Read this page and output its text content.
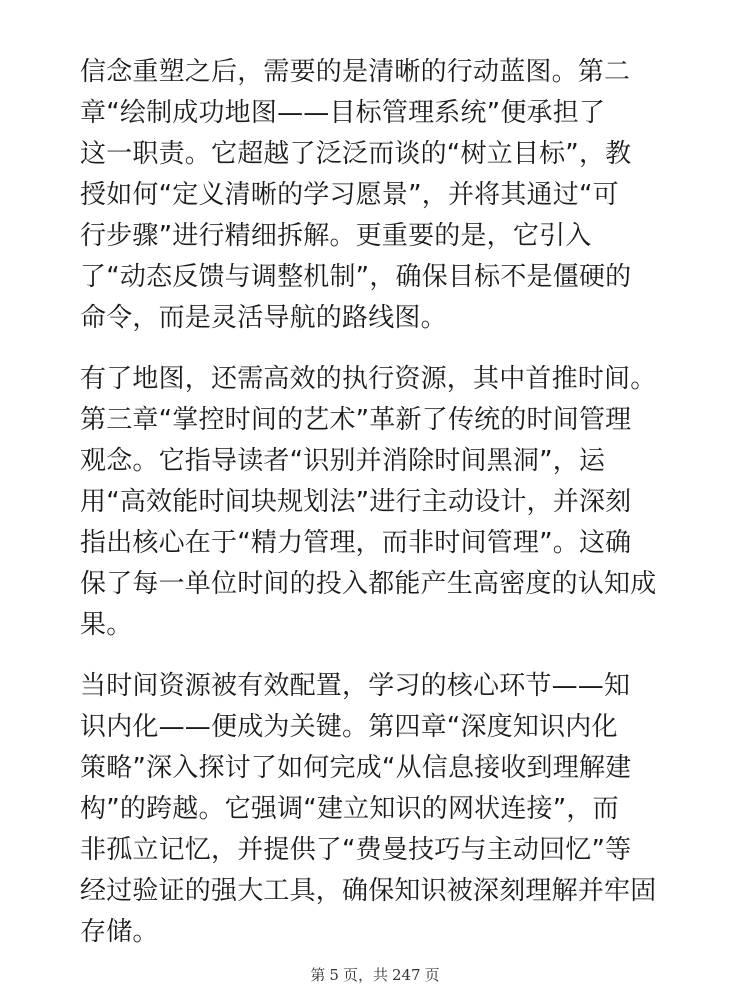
信念重塑之后，需要的是清晰的行动蓝图。第二
章“绘制成功地图——目标管理系统”便承担了
这一职责。它超越了泛泛而谈的“树立目标”，教
授如何“定义清晰的学习愿景”，并将其通过“可
行步骤”进行精细拆解。更重要的是，它引入
了“动态反馈与调整机制”，确保目标不是僵硬的
命令，而是灵活导航的路线图。

有了地图，还需高效的执行资源，其中首推时间。
第三章“掌控时间的艺术”革新了传统的时间管理
观念。它指导读者“识别并消除时间黑洞”，运
用“高效能时间块规划法”进行主动设计，并深刻
指出核心在于“精力管理，而非时间管理”。这确
保了每一单位时间的投入都能产生高密度的认知成
果。

当时间资源被有效配置，学习的核心环节——知
识内化——便成为关键。第四章“深度知识内化
策略”深入探讨了如何完成“从信息接收到理解建
构”的跨越。它强调“建立知识的网状连接”，而
非孤立记忆，并提供了“费曼技巧与主动回忆”等
经过验证的强大工具，确保知识被深刻理解并牢固
存储。

第 5 页，共 247 页
